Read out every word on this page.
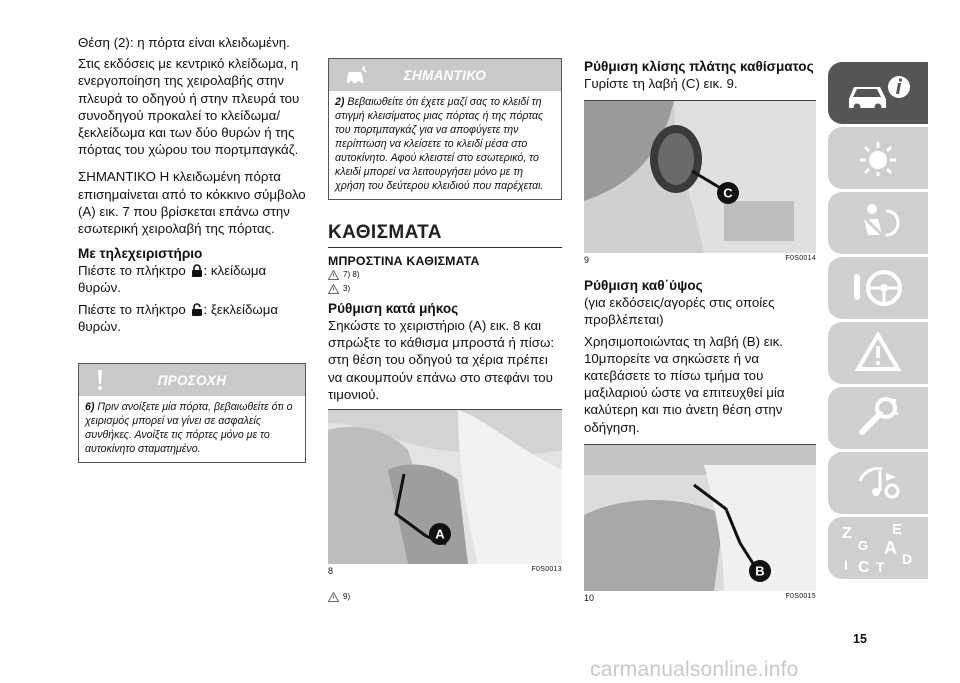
Θέση (2): η πόρτα είναι κλειδωμένη.

Στις εκδόσεις με κεντρικό κλείδωμα, η ενεργοποίηση της χειρολαβής στην πλευρά το οδηγού ή στην πλευρά του συνοδηγού προκαλεί το κλείδωμα/ξεκλείδωμα και των δύο θυρών ή της πόρτας του χώρου του πορτμπαγκάζ.

ΣΗΜΑΝΤΙΚΟ Η κλειδωμένη πόρτα επισημαίνεται από το κόκκινο σύμβολο (A) εικ. 7 που βρίσκεται επάνω στην εσωτερική χειρολαβή της πόρτας.

Με τηλεχειριστήριο

Πιέστε το πλήκτρο : κλείδωμα θυρών.

Πιέστε το πλήκτρο : ξεκλείδωμα θυρών.

ΠΡΟΣΟΧΗ
6) Πριν ανοίξετε μία πόρτα, βεβαιωθείτε ότι ο χειρισμός μπορεί να γίνει σε ασφαλείς συνθήκες. Ανοίξτε τις πόρτες μόνο με το αυτοκίνητο σταματημένο.
ΣΗΜΑΝΤΙΚΟ
2) Βεβαιωθείτε ότι έχετε μαζί σας το κλειδί τη στιγμή κλεισίματος μιας πόρτας ή της πόρτας του πορτμπαγκάζ για να αποφύγετε την περίπτωση να κλείσετε το κλειδί μέσα στο αυτοκίνητο. Αφού κλειστεί στο εσωτερικό, το κλειδί μπορεί να λειτουργήσει μόνο με τη χρήση του δεύτερου κλειδιού που παρέχεται.
ΚΑΘΙΣΜΑΤΑ
ΜΠΡΟΣΤΙΝΑ ΚΑΘΙΣΜΑΤΑ
7) 8)
3)
Ρύθμιση κατά μήκος

Σηκώστε το χειριστήριο (A) εικ. 8 και σπρώξτε το κάθισμα μπροστά ή πίσω: στη θέση του οδηγού τα χέρια πρέπει να ακουμπούν επάνω στο στεφάνι του τιμονιού.

A
8	F0S0013
9)
Ρύθμιση κλίσης πλάτης καθίσματος

Γυρίστε τη λαβή (C) εικ. 9.

C
9	F0S0014
Ρύθμιση καθ΄ύψος

(για εκδόσεις/αγορές στις οποίες προβλέπεται)

Χρησιμοποιώντας τη λαβή (B) εικ. 10μπορείτε να σηκώσετε ή να κατεβάσετε το πίσω τμήμα του μαξιλαριού ώστε να επιτευχθεί μία καλύτερη και πιο άνετη θέση στην οδήγηση.

B
10	F0S0015
Z	E
G A
D
I C T
15
carmanualsonline.info
